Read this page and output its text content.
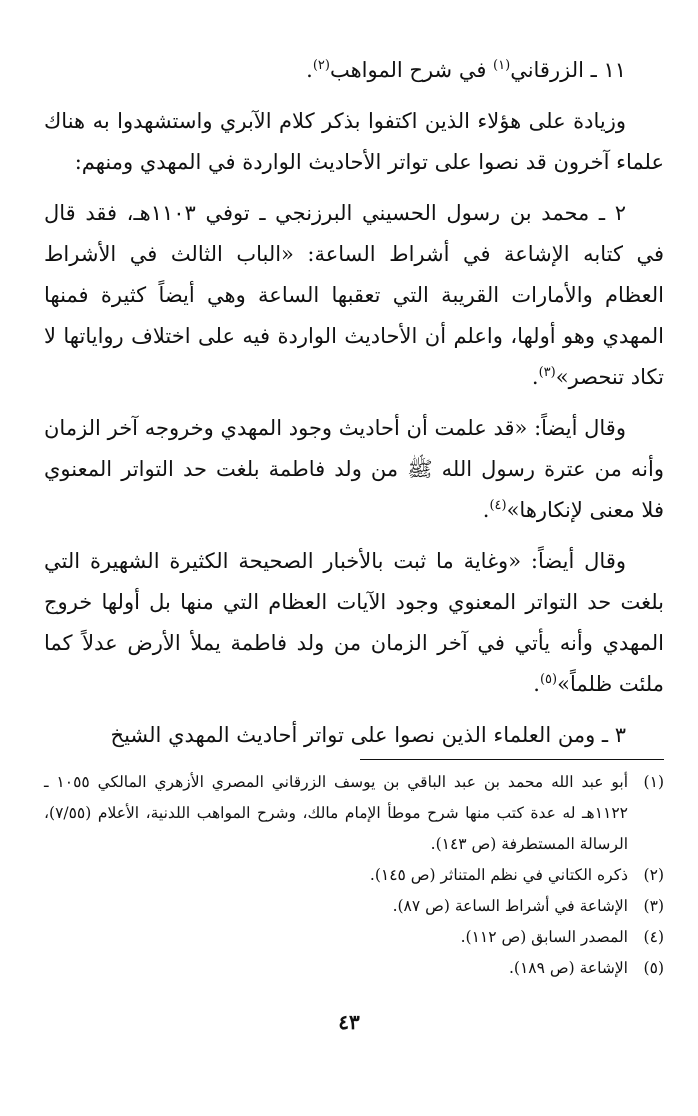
١١ ـ الزرقاني$^{(١)}$ في شرح المواهب$^{(٢)}$.

وزيادة على هؤلاء الذين اكتفوا بذكر كلام الآبري واستشهدوا به هناك علماء آخرون قد نصوا على تواتر الأحاديث الواردة في المهدي ومنهم:

٢ ـ محمد بن رسول الحسيني البرزنجي ـ توفي ١١٠٣هـ، فقد قال في كتابه الإشاعة في أشراط الساعة: «الباب الثالث في الأشراط العظام والأمارات القريبة التي تعقبها الساعة وهي أيضاً كثيرة فمنها المهدي وهو أولها، واعلم أن الأحاديث الواردة فيه على اختلاف رواياتها لا تكاد تنحصر»$^{(٣)}$.

وقال أيضاً: «قد علمت أن أحاديث وجود المهدي وخروجه آخر الزمان وأنه من عترة رسول الله ﷺ من ولد فاطمة بلغت حد التواتر المعنوي فلا معنى لإنكارها»$^{(٤)}$.

وقال أيضاً: «وغاية ما ثبت بالأخبار الصحيحة الكثيرة الشهيرة التي بلغت حد التواتر المعنوي وجود الآيات العظام التي منها بل أولها خروج المهدي وأنه يأتي في آخر الزمان من ولد فاطمة يملأ الأرض عدلاً كما ملئت ظلماً»$^{(٥)}$.

٣ ـ ومن العلماء الذين نصوا على تواتر أحاديث المهدي الشيخ

(١)
أبو عبد الله محمد بن عبد الباقي بن يوسف الزرقاني المصري الأزهري المالكي ١٠٥٥ ـ ١١٢٢هـ له عدة كتب منها شرح موطأ الإمام مالك، وشرح المواهب اللدنية، الأعلام (٧/٥٥)، الرسالة المستطرفة (ص ١٤٣).
(٢)
ذكره الكتاني في نظم المتناثر (ص ١٤٥).
(٣)
الإشاعة في أشراط الساعة (ص ٨٧).
(٤)
المصدر السابق (ص ١١٢).
(٥)
الإشاعة (ص ١٨٩).
٤٣
